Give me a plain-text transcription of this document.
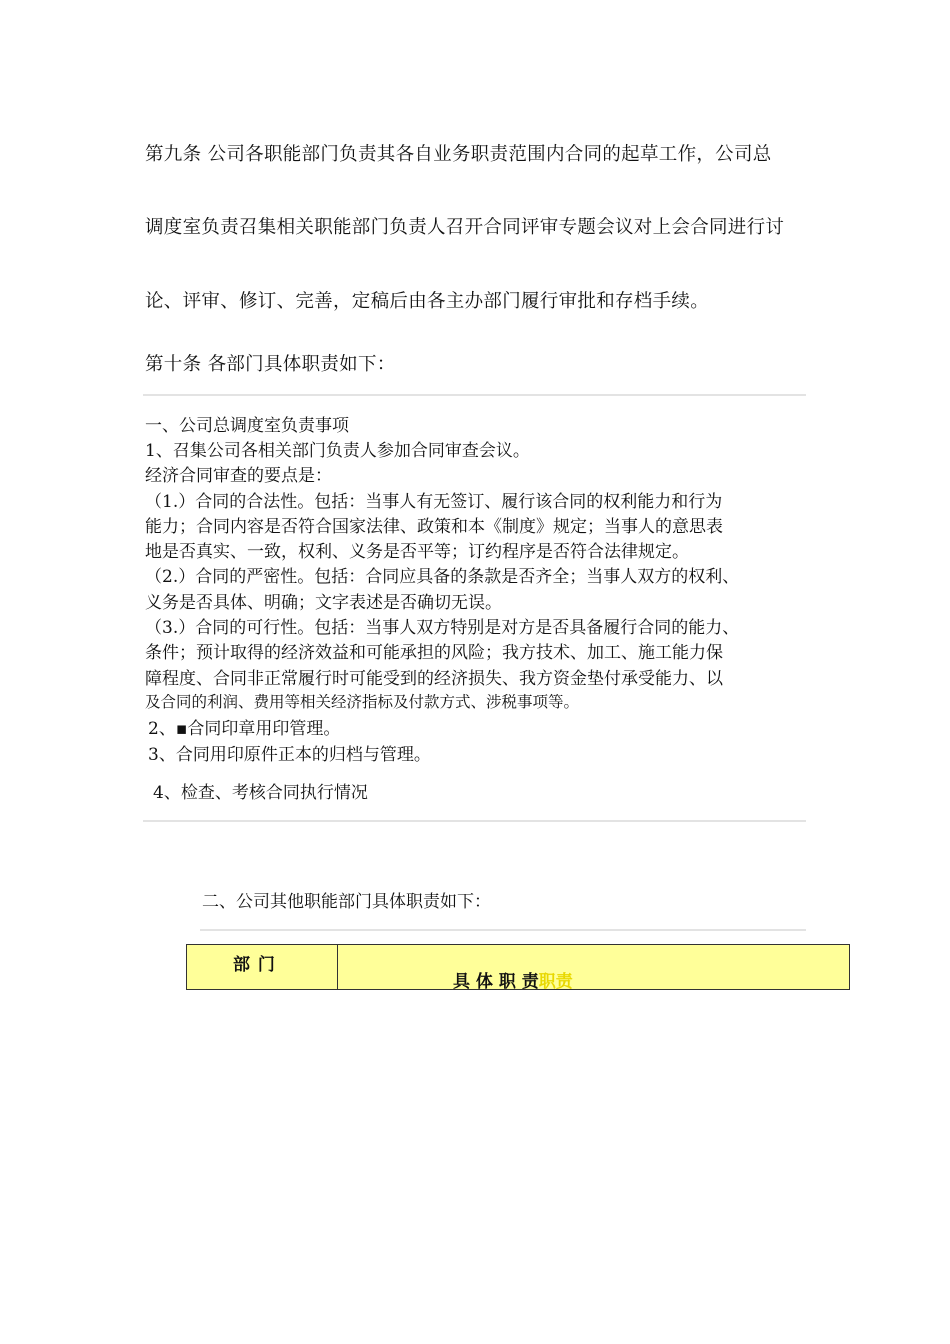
第九条 公司各职能部门负责其各自业务职责范围内合同的起草工作，公司总
调度室负责召集相关职能部门负责人召开合同评审专题会议对上会合同进行讨
论、评审、修订、完善，定稿后由各主办部门履行审批和存档手续。
第十条 各部门具体职责如下：
一、公司总调度室负责事项
1、召集公司各相关部门负责人参加合同审查会议。
经济合同审查的要点是：
（1.）合同的合法性。包括：当事人有无签订、履行该合同的权利能力和行为
能力；合同内容是否符合国家法律、政策和本《制度》规定；当事人的意思表
地是否真实、一致，权利、义务是否平等；订约程序是否符合法律规定。
（2.）合同的严密性。包括：合同应具备的条款是否齐全；当事人双方的权利、
义务是否具体、明确；文字表述是否确切无误。
（3.）合同的可行性。包括：当事人双方特别是对方是否具备履行合同的能力、
条件；预计取得的经济效益和可能承担的风险；我方技术、加工、施工能力保
障程度、合同非正常履行时可能受到的经济损失、我方资金垫付承受能力、以
及合同的利润、费用等相关经济指标及付款方式、涉税事项等。
2、▪合同印章用印管理。
3、合同用印原件正本的归档与管理。
4、检查、考核合同执行情况
二、公司其他职能部门具体职责如下：
部 门
具 体 职 责职责
